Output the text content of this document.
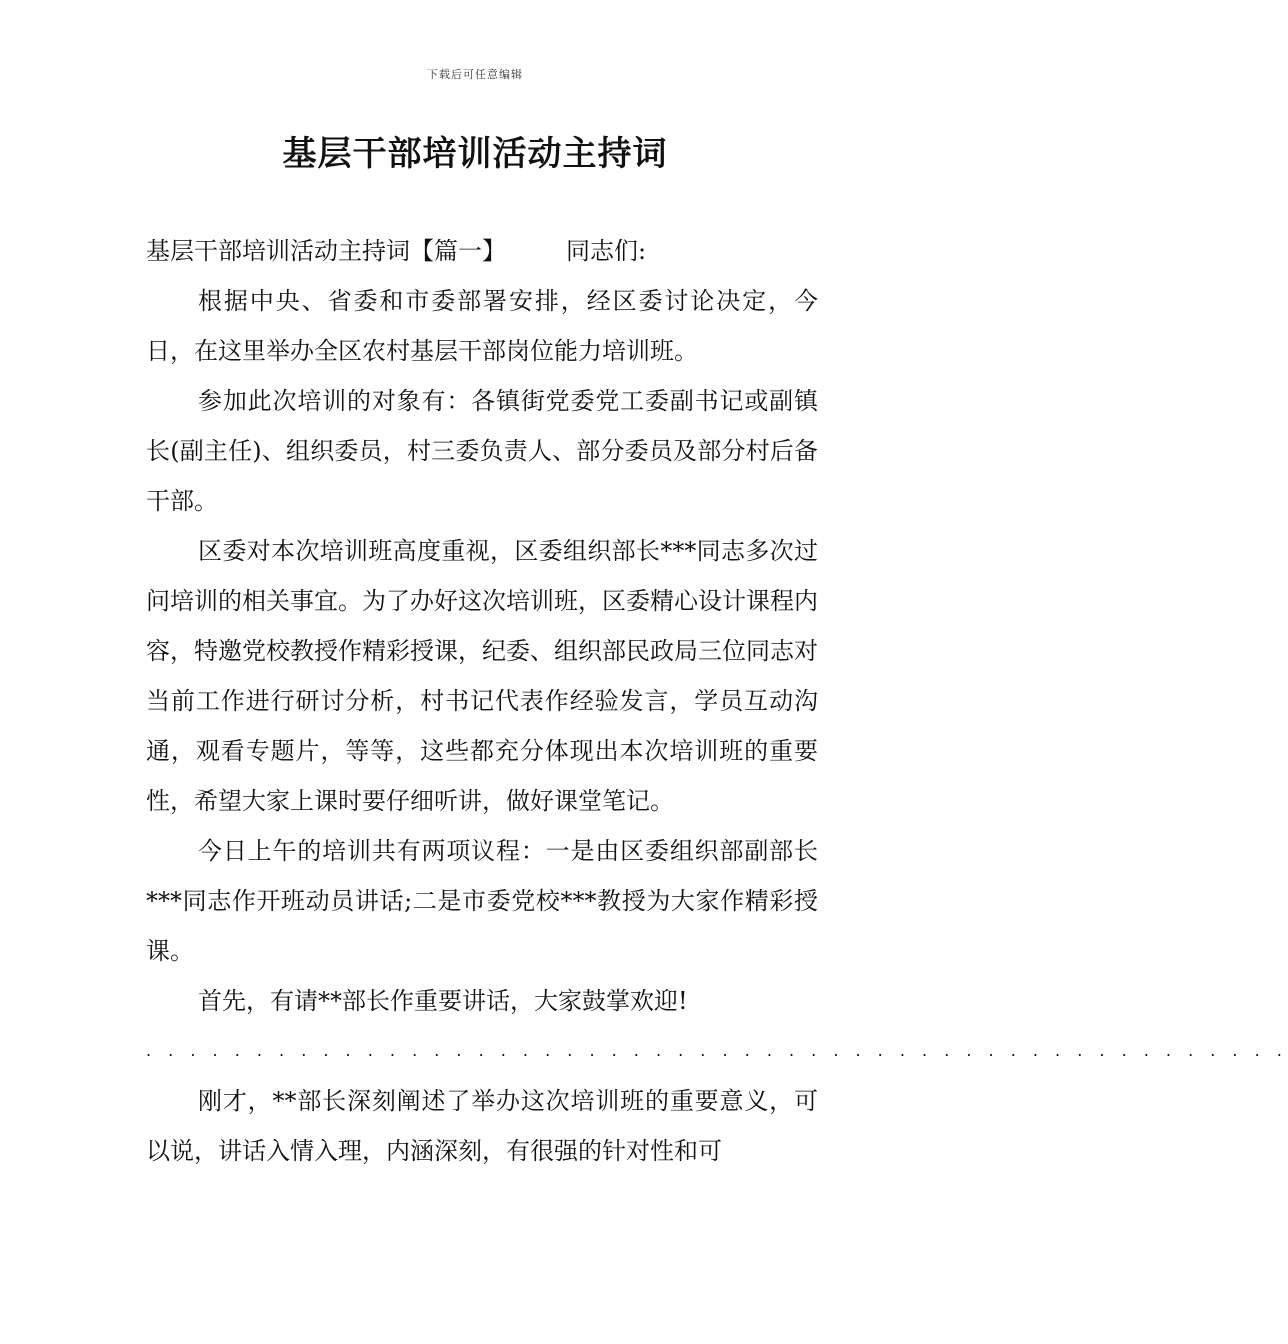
下载后可任意编辑
基层干部培训活动主持词

基层干部培训活动主持词【篇一】	同志们:

根据中央、省委和市委部署安排，经区委讨论决定，今日，在这里举办全区农村基层干部岗位能力培训班。

参加此次培训的对象有：各镇街党委党工委副书记或副镇长(副主任)、组织委员，村三委负责人、部分委员及部分村后备干部。

区委对本次培训班高度重视，区委组织部长***同志多次过问培训的相关事宜。为了办好这次培训班，区委精心设计课程内容，特邀党校教授作精彩授课，纪委、组织部民政局三位同志对当前工作进行研讨分析，村书记代表作经验发言，学员互动沟通，观看专题片，等等，这些都充分体现出本次培训班的重要性，希望大家上课时要仔细听讲，做好课堂笔记。

今日上午的培训共有两项议程：一是由区委组织部副部长***同志作开班动员讲话;二是市委党校***教授为大家作精彩授课。

首先，有请**部长作重要讲话，大家鼓掌欢迎!

. . . . . . . . . . . . . . . . . . . . . . . . . . . . . . . . . . . . . . . . . . . . . . . . . . . .

刚才，**部长深刻阐述了举办这次培训班的重要意义，可以说，讲话入情入理，内涵深刻，有很强的针对性和可
